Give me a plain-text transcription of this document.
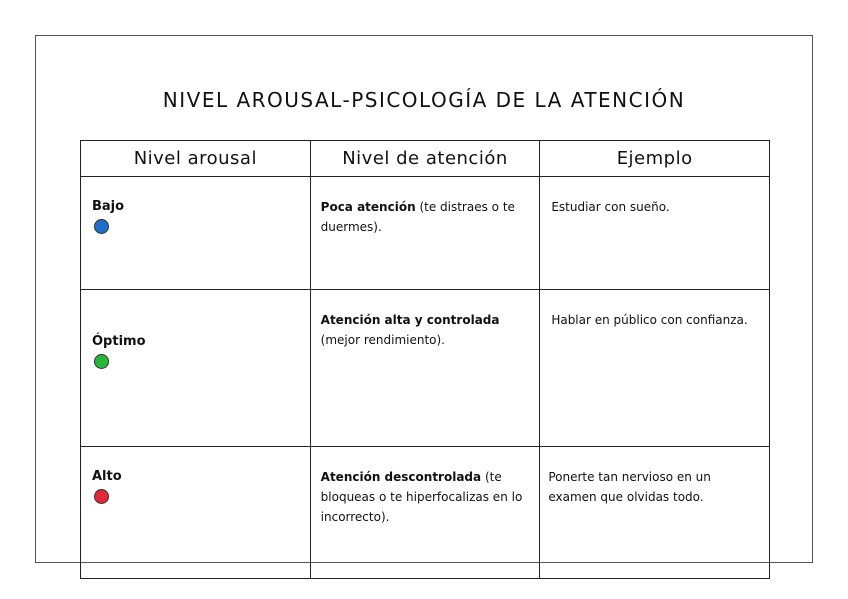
NIVEL AROUSAL-PSICOLOGÍA DE LA ATENCIÓN
Nivel arousal	Nivel de atención	Ejemplo

Bajo	Poca atención (te distraes o te duermes).	Estudiar con sueño.

Óptimo	Atención alta y controlada (mejor rendimiento).	Hablar en público con confianza.

Alto	Atención descontrolada (te bloqueas o te hiperfocalizas en lo incorrecto).	Ponerte tan nervioso en un examen que olvidas todo.
